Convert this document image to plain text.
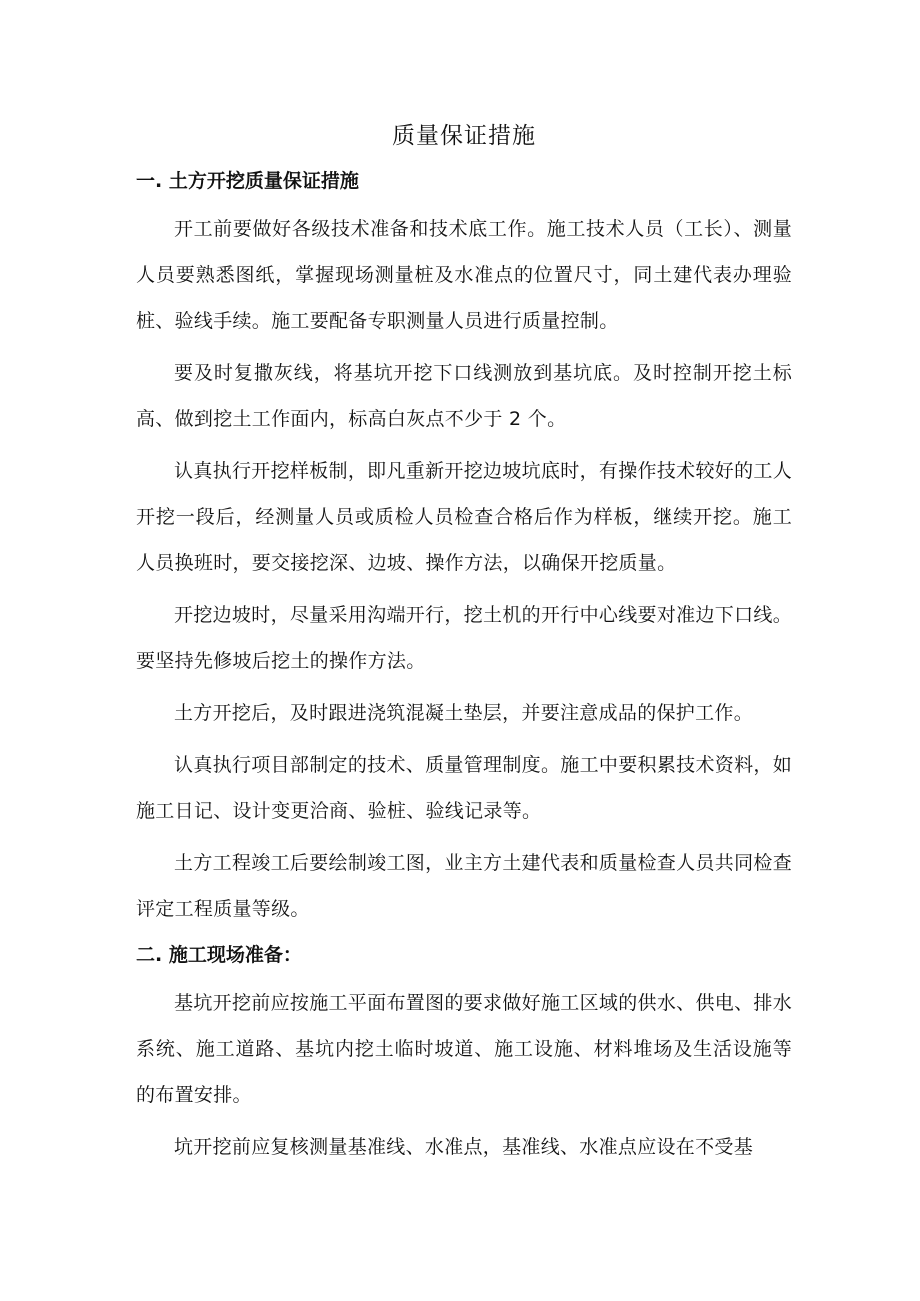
质量保证措施
一. 土方开挖质量保证措施

开工前要做好各级技术准备和技术底工作。施工技术人员（工长）、测量人员要熟悉图纸，掌握现场测量桩及水准点的位置尺寸，同土建代表办理验桩、验线手续。施工要配备专职测量人员进行质量控制。

要及时复撒灰线，将基坑开挖下口线测放到基坑底。及时控制开挖土标高、做到挖土工作面内，标高白灰点不少于 2 个。

认真执行开挖样板制，即凡重新开挖边坡坑底时，有操作技术较好的工人开挖一段后，经测量人员或质检人员检查合格后作为样板，继续开挖。施工人员换班时，要交接挖深、边坡、操作方法，以确保开挖质量。

开挖边坡时，尽量采用沟端开行，挖土机的开行中心线要对准边下口线。要坚持先修坡后挖土的操作方法。

土方开挖后，及时跟进浇筑混凝土垫层，并要注意成品的保护工作。

认真执行项目部制定的技术、质量管理制度。施工中要积累技术资料，如施工日记、设计变更洽商、验桩、验线记录等。

土方工程竣工后要绘制竣工图，业主方土建代表和质量检查人员共同检查评定工程质量等级。

二. 施工现场准备：

基坑开挖前应按施工平面布置图的要求做好施工区域的供水、供电、排水系统、施工道路、基坑内挖土临时坡道、施工设施、材料堆场及生活设施等的布置安排。

坑开挖前应复核测量基准线、水准点，基准线、水准点应设在不受基
